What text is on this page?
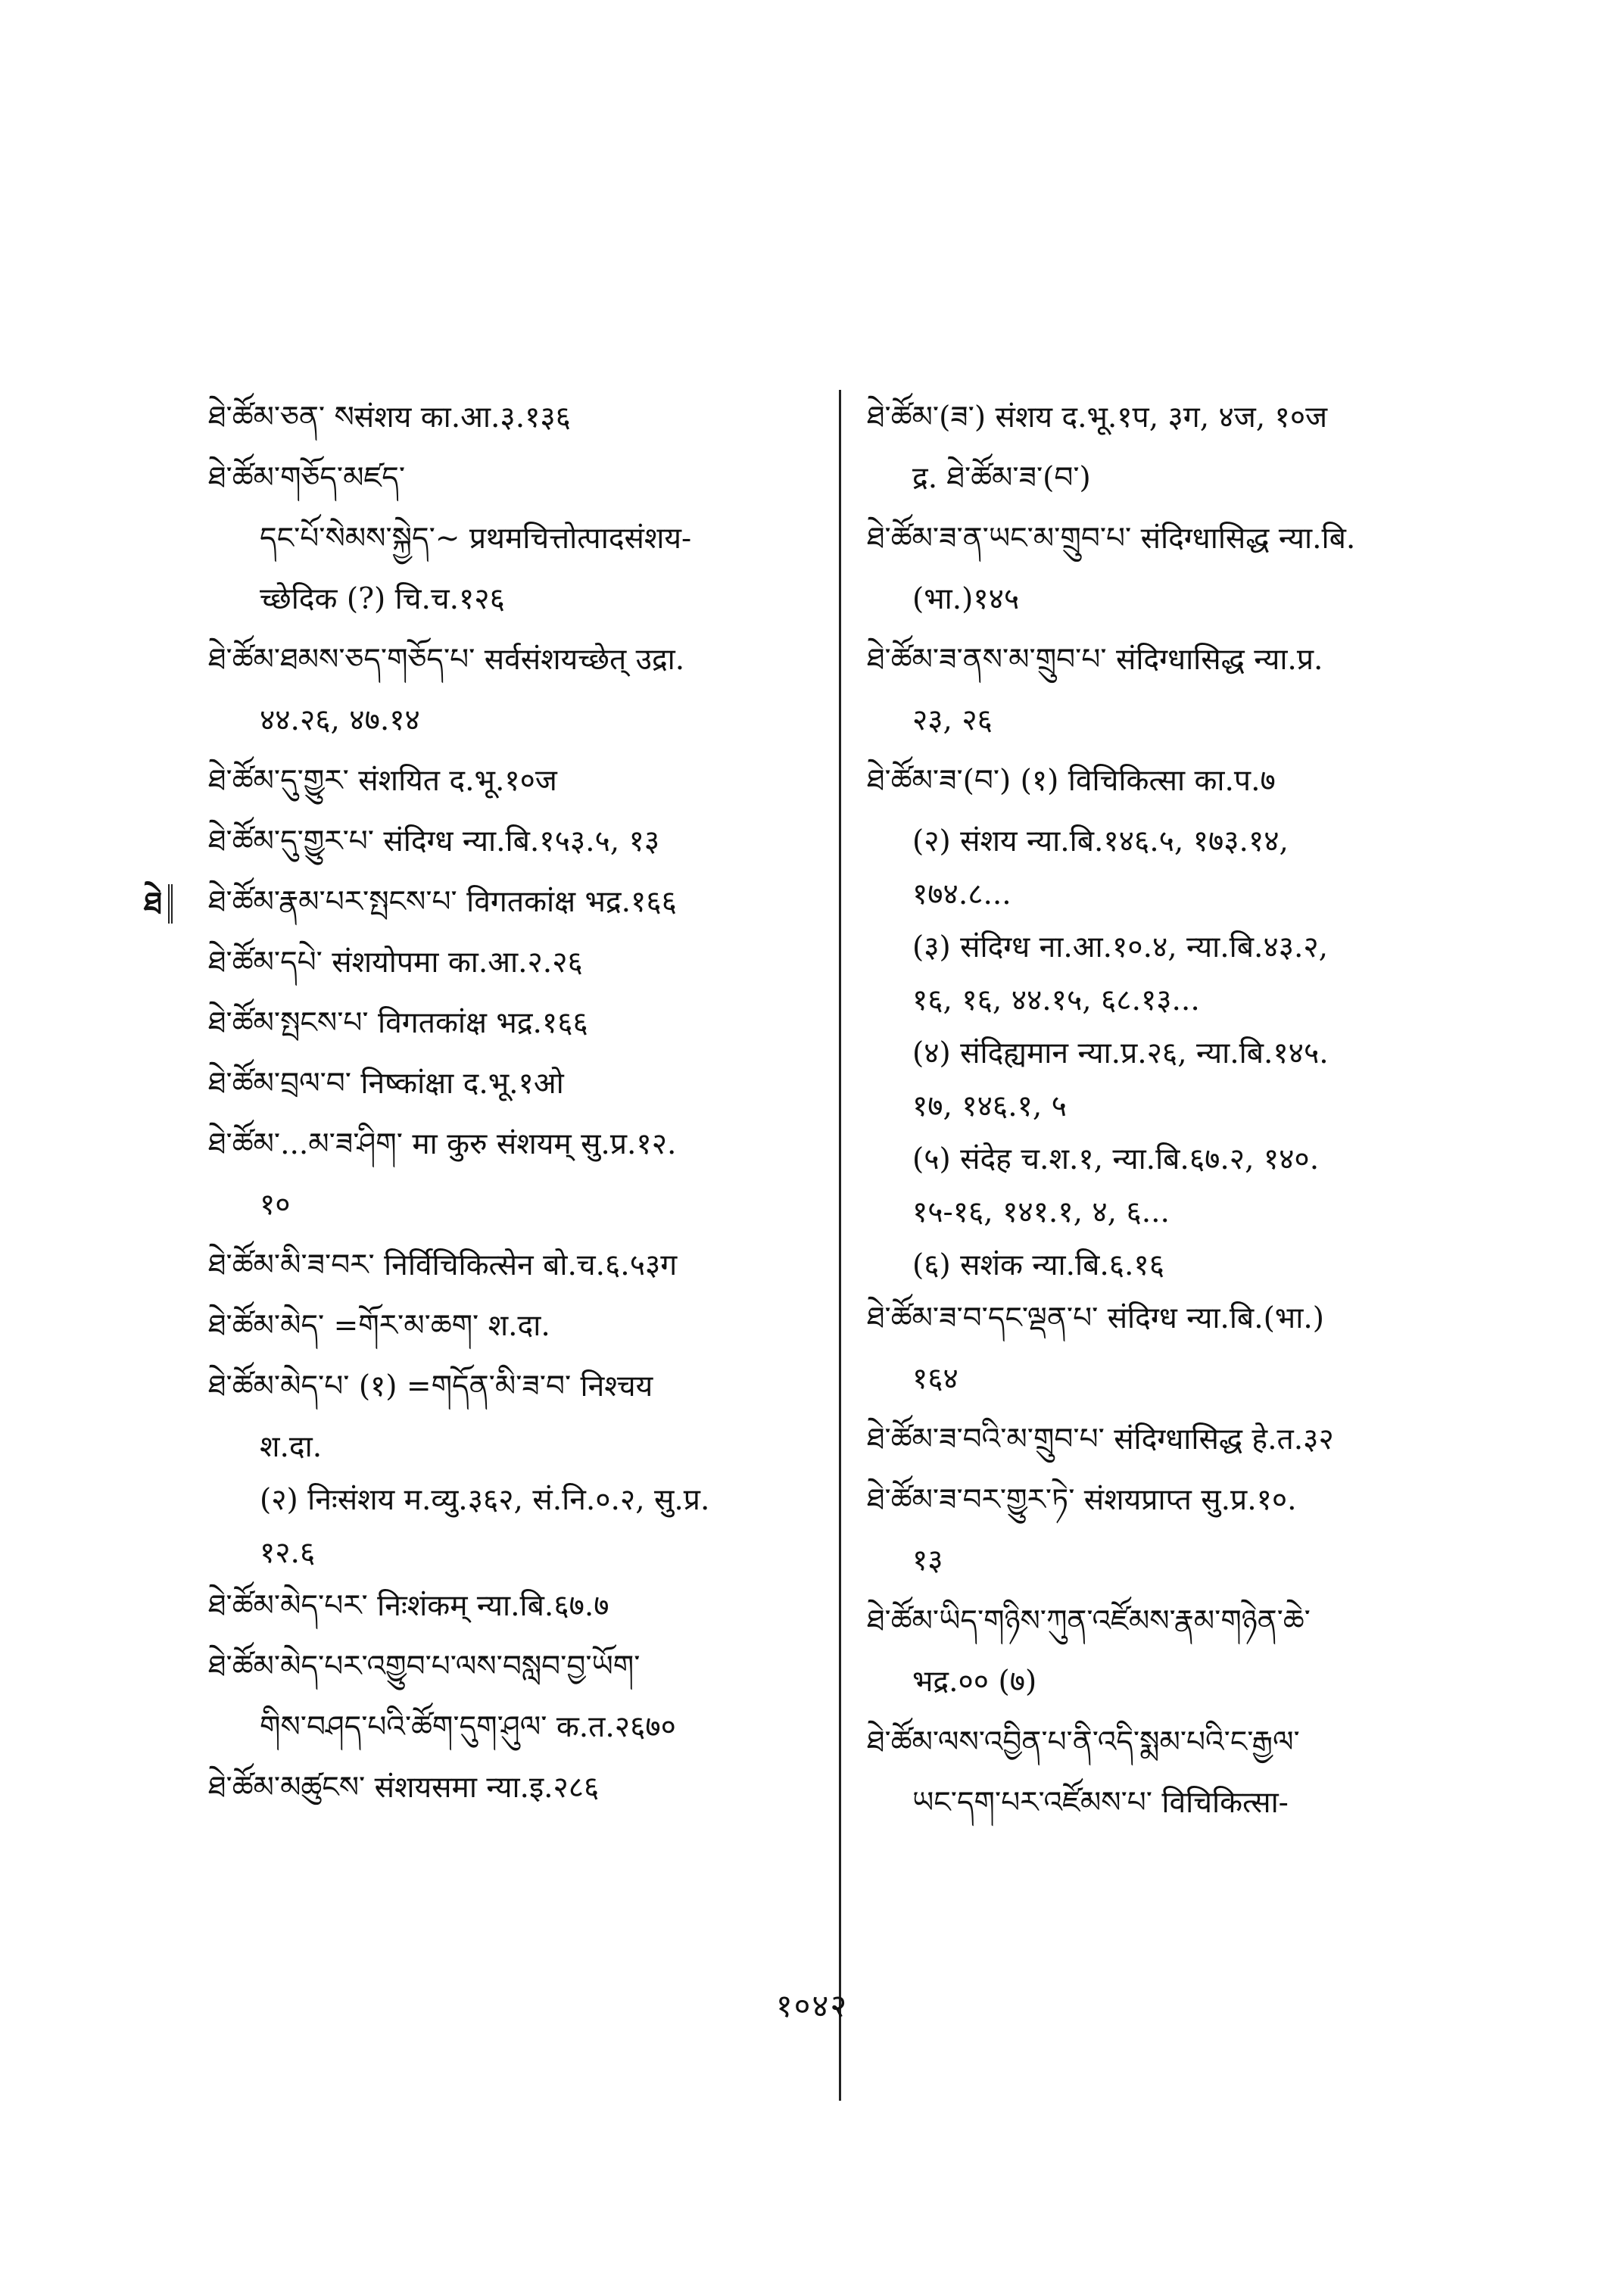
ཐེ་ཚོམ་ཅན་ སसंशय का.आ.३.१३६
ཐེ་ཚོམ་གཅོད་མཛད་
དང་པོ་སེམས་སྐྱེད་~ प्रथमचित्तोत्पादसंशय-
च्छेदिक (?) चि.च.१२६
ཐེ་ཚོམ་ཐམས་ཅད་གཅོད་པ་ सर्वसंशयच्छेत् उद्रा.
४४.२६, ४७.१४
ཐེ་ཚོམ་དུ་གྱུར་ संशयित द.भू.१०ज
ཐེ་ཚོམ་དུ་གྱུར་པ་ संदिग्ध न्या.बि.१५३.५, १३
ཐེ་ཚོམ་རྣམ་པར་སྤངས་པ་ विगतकांक्ष भद्र.१६६
ཐེ་ཚོམ་དཔེ་ संशयोपमा का.आ.२.२६
ཐེ་ཚོམ་སྤངས་པ་ विगतकांक्ष भद्र.१६६
ཐེ་ཚོམ་བྲལ་བ་ निष्कांक्षा द.भू.१ओ
ཐེ་ཚོམ་...མ་ཟ་ཤིག་ मा कुरु संशयम् सु.प्र.१२.
१०
ཐེ་ཚོམ་མི་ཟ་བར་ निर्विचिकित्सेन बो.च.६.५३ग
ཐེ་ཚོམ་མེད་ =གོར་མ་ཆག་ श.दा.
ཐེ་ཚོམ་མེད་པ་ (१) =གདོན་མི་ཟ་བ་ निश्चय
श.दा.
(२) निःसंशय म.व्यु.३६२, सं.नि.०.२, सु.प्र.
१२.६
ཐེ་ཚོམ་མེད་པར་ निःशंकम् न्या.बि.६७.७
ཐེ་ཚོམ་མེད་པར་འགྱུབ་པ་ལས་བསླབ་བྱ་ཡོག་
གིས་བཤད་པའི་ཚོག་དུག་ཤུལ་ क.त.२६७०
ཐེ་ཚོམ་མཚུངས་ संशयसमा न्या.इ.२८६
ཐེ་ཚོམ་(ཟ་) संशय द.भू.१प, ३ग, ४ज, १०ज
द्र. ཐེ་ཚོམ་ཟ་(བ་)
ཐེ་ཚོམ་ཟ་ན་ཡང་མ་གྲུབ་པ་ संदिग्धासिद्ध न्या.बि.
(भा.)१४५
ཐེ་ཚོམ་ཟ་ནས་མ་གྲུབ་པ་ संदिग्धासिद्ध न्या.प्र.
२३, २६
ཐེ་ཚོམ་ཟ་(བ་) (१) विचिकित्सा का.प.७
(२) संशय न्या.बि.१४६.५, १७३.१४,
१७४.८...
(३) संदिग्ध ना.आ.१०.४, न्या.बि.४३.२,
१६, १६, ४४.१५, ६८.१३...
(४) संदिह्यमान न्या.प्र.२६, न्या.बि.१४५.
१७, १४६.१, ५
(५) संदेह च.श.१, न्या.बि.६७.२, १४०.
१५-१६, १४१.१, ४, ६...
(६) सशंक न्या.बि.६.१६
ཐེ་ཚོམ་ཟ་བ་དང་ལྡན་པ་ संदिग्ध न्या.बि.(भा.)
१६४
ཐེ་ཚོམ་ཟ་བའི་མ་གྲུབ་པ་ संदिग्धासिद्ध हे.त.३२
ཐེ་ཚོམ་ཟ་བར་གྱུར་ཏེ་ संशयप्राप्त सु.प्र.१०.
१३
ཐེ་ཚོམ་ཡིད་གཉིས་ཀུན་འཛོམས་རྣམ་གཉེན་ཆེ་
भद्र.०० (७)
ཐེ་ཚོམ་ལས་འབྱིན་པ་ནི་འདི་སྨམ་པའི་ང་རྒྱལ་
ཡང་དག་པར་འཛོམས་པ་ विचिकित्सा-
ཐེ
१०४२
